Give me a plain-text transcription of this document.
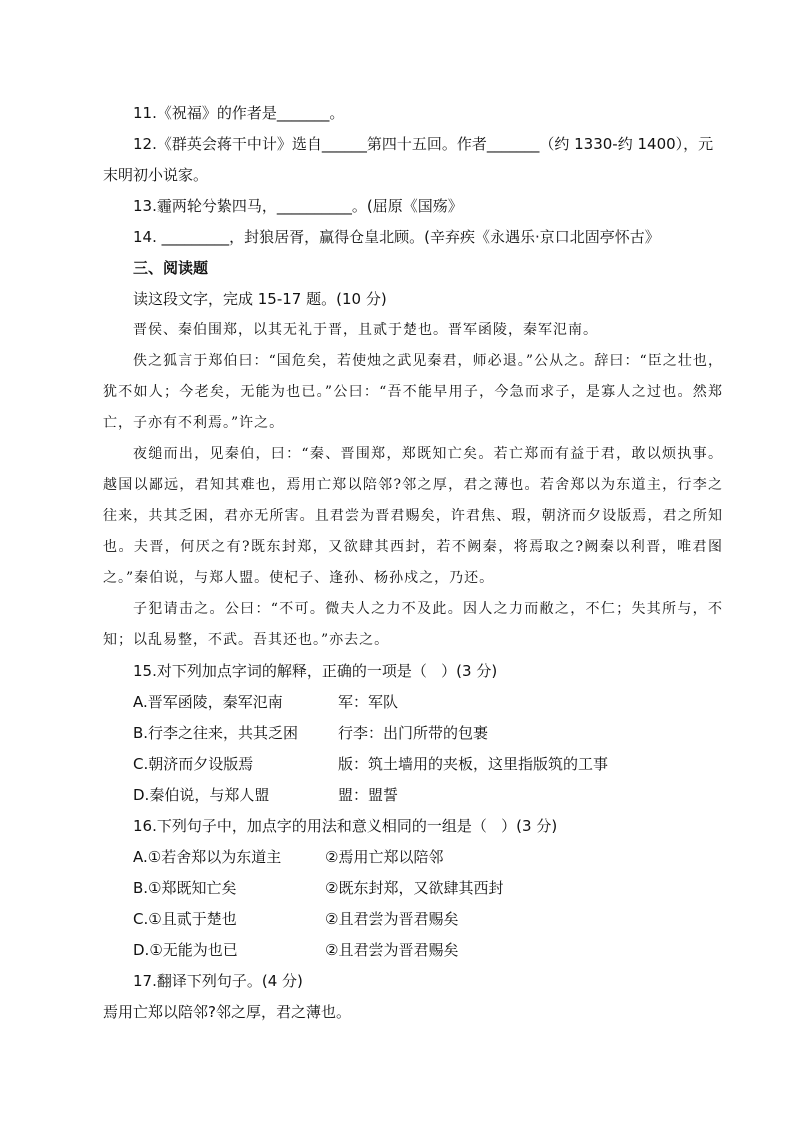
11.《祝福》的作者是_______。
12.《群英会蒋干中计》选自______第四十五回。作者_______（约 1330-约 1400），元末明初小说家。
13.霾两轮兮絷四马，__________。(屈原《国殇》
14. _________，封狼居胥，赢得仓皇北顾。(辛弃疾《永遇乐·京口北固亭怀古》
三、阅读题
读这段文字，完成 15-17 题。(10 分)
晋侯、秦伯围郑，以其无礼于晋，且贰于楚也。晋军函陵，秦军氾南。
佚之狐言于郑伯曰：“国危矣，若使烛之武见秦君，师必退。”公从之。辞曰：“臣之壮也，犹不如人；今老矣，无能为也已。”公曰：“吾不能早用子，今急而求子，是寡人之过也。然郑亡，子亦有不利焉。”许之。
夜缒而出，见秦伯，曰：“秦、晋围郑，郑既知亡矣。若亡郑而有益于君，敢以烦执事。越国以鄙远，君知其难也，焉用亡郑以陪邻?邻之厚，君之薄也。若舍郑以为东道主，行李之往来，共其乏困，君亦无所害。且君尝为晋君赐矣，许君焦、瑕，朝济而夕设版焉，君之所知也。夫晋，何厌之有?既东封郑，又欲肆其西封，若不阙秦，将焉取之?阙秦以利晋，唯君图之。”秦伯说，与郑人盟。使杞子、逢孙、杨孙戍之，乃还。
子犯请击之。公曰：“不可。微夫人之力不及此。因人之力而敝之，不仁；失其所与，不知；以乱易整，不武。吾其还也。”亦去之。
15.对下列加点字词的解释，正确的一项是（   ）(3 分)
A.晋军函陵，秦军氾南	军：军队
B.行李之往来，共其乏困	行李：出门所带的包裹
C.朝济而夕设版焉	版：筑土墙用的夹板，这里指版筑的工事
D.秦伯说，与郑人盟	盟：盟誓
16.下列句子中，加点字的用法和意义相同的一组是（   ）(3 分)
A.①若舍郑以为东道主	②焉用亡郑以陪邻
B.①郑既知亡矣	②既东封郑，又欲肆其西封
C.①且贰于楚也	②且君尝为晋君赐矣
D.①无能为也已	②且君尝为晋君赐矣
17.翻译下列句子。(4 分)
焉用亡郑以陪邻?邻之厚，君之薄也。
